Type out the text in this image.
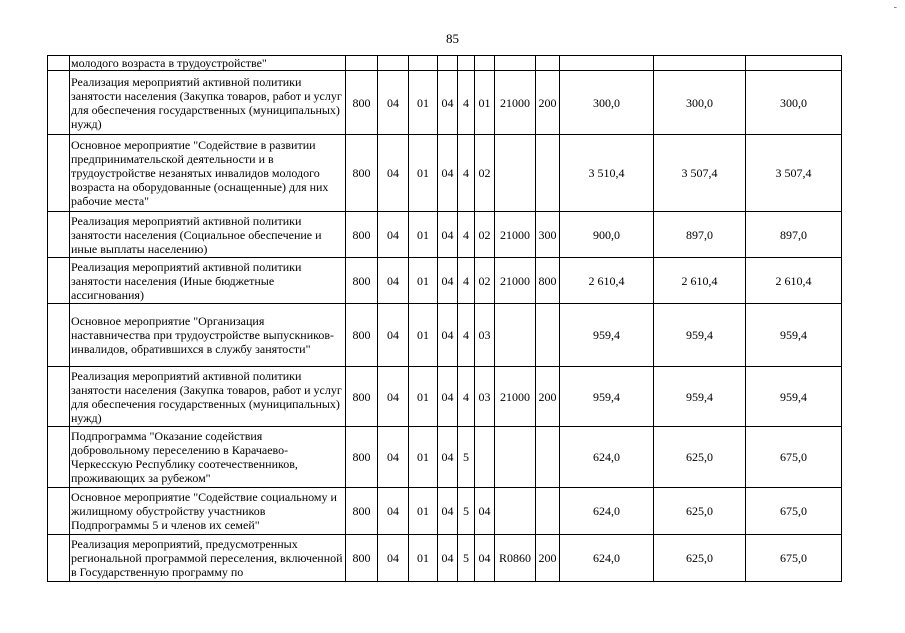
85
-
	молодого возраста в трудоустройстве"											
	Реализация мероприятий активной политики занятости населения (Закупка товаров, работ и услуг для обеспечения государственных (муниципальных) нужд)	800	04	01	04	4	01	21000	200	300,0	300,0	300,0
	Основное мероприятие "Содействие в развитии предпринимательской деятельности и в трудоустройстве незанятых инвалидов молодого возраста на оборудованные (оснащенные) для них рабочие места"	800	04	01	04	4	02			3 510,4	3 507,4	3 507,4
	Реализация мероприятий активной политики занятости населения (Социальное обеспечение и иные выплаты населению)	800	04	01	04	4	02	21000	300	900,0	897,0	897,0
	Реализация мероприятий активной политики занятости населения (Иные бюджетные ассигнования)	800	04	01	04	4	02	21000	800	2 610,4	2 610,4	2 610,4
	Основное мероприятие "Организация наставничества при трудоустройстве выпускников-инвалидов, обратившихся в службу занятости"	800	04	01	04	4	03			959,4	959,4	959,4
	Реализация мероприятий активной политики занятости населения (Закупка товаров, работ и услуг для обеспечения государственных (муниципальных) нужд)	800	04	01	04	4	03	21000	200	959,4	959,4	959,4
	Подпрограмма "Оказание содействия добровольному переселению в Карачаево-Черкесскую Республику соотечественников, проживающих за рубежом"	800	04	01	04	5				624,0	625,0	675,0
	Основное мероприятие "Содействие социальному и жилищному обустройству участников Подпрограммы 5 и членов их семей"	800	04	01	04	5	04			624,0	625,0	675,0
	Реализация мероприятий, предусмотренных региональной программой переселения, включенной в Государственную программу по	800	04	01	04	5	04	R0860	200	624,0	625,0	675,0
